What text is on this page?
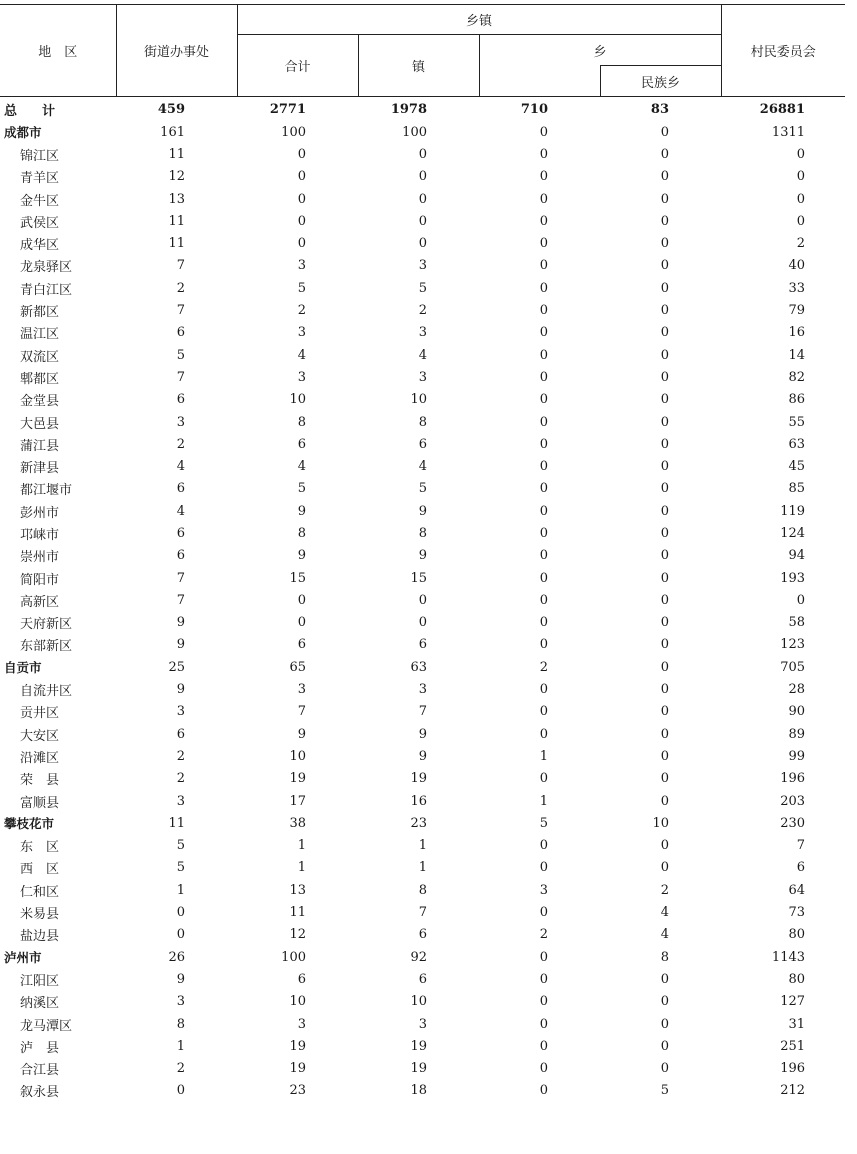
地　区	街道办事处	乡镇				村民委员会
		合计	镇	乡		
					民族乡	
总　计	459	2771	1978	710	83	26881
成都市	161	100	100	0	0	1311
锦江区	11	0	0	0	0	0
青羊区	12	0	0	0	0	0
金牛区	13	0	0	0	0	0
武侯区	11	0	0	0	0	0
成华区	11	0	0	0	0	2
龙泉驿区	7	3	3	0	0	40
青白江区	2	5	5	0	0	33
新都区	7	2	2	0	0	79
温江区	6	3	3	0	0	16
双流区	5	4	4	0	0	14
郫都区	7	3	3	0	0	82
金堂县	6	10	10	0	0	86
大邑县	3	8	8	0	0	55
蒲江县	2	6	6	0	0	63
新津县	4	4	4	0	0	45
都江堰市	6	5	5	0	0	85
彭州市	4	9	9	0	0	119
邛崃市	6	8	8	0	0	124
崇州市	6	9	9	0	0	94
简阳市	7	15	15	0	0	193
高新区	7	0	0	0	0	0
天府新区	9	0	0	0	0	58
东部新区	9	6	6	0	0	123
自贡市	25	65	63	2	0	705
自流井区	9	3	3	0	0	28
贡井区	3	7	7	0	0	90
大安区	6	9	9	0	0	89
沿滩区	2	10	9	1	0	99
荣　县	2	19	19	0	0	196
富顺县	3	17	16	1	0	203
攀枝花市	11	38	23	5	10	230
东　区	5	1	1	0	0	7
西　区	5	1	1	0	0	6
仁和区	1	13	8	3	2	64
米易县	0	11	7	0	4	73
盐边县	0	12	6	2	4	80
泸州市	26	100	92	0	8	1143
江阳区	9	6	6	0	0	80
纳溪区	3	10	10	0	0	127
龙马潭区	8	3	3	0	0	31
泸　县	1	19	19	0	0	251
合江县	2	19	19	0	0	196
叙永县	0	23	18	0	5	212
